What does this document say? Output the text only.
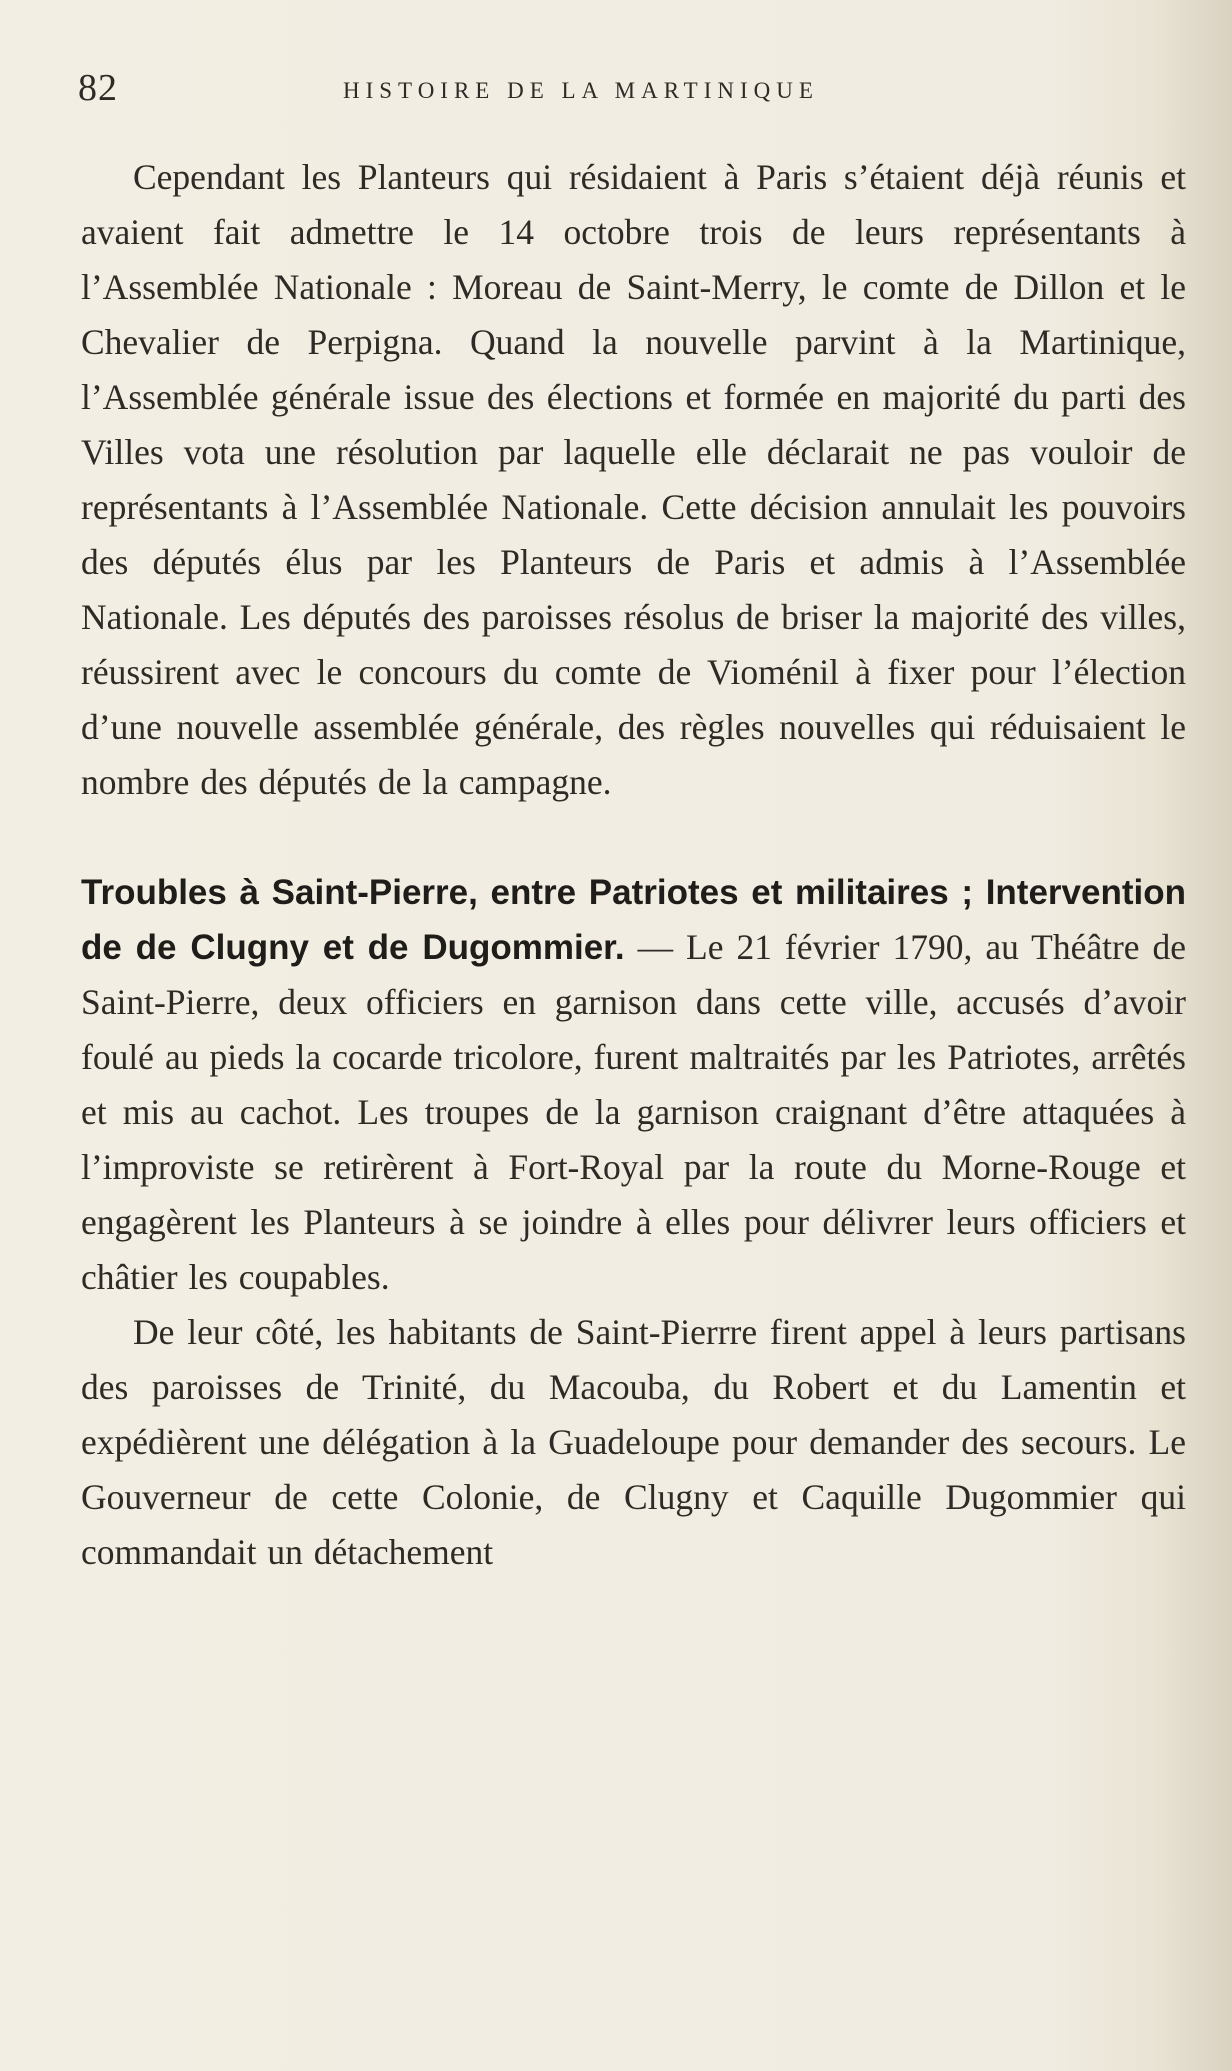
82	HISTOIRE DE LA MARTINIQUE

Cependant les Planteurs qui résidaient à Paris s’étaient déjà réunis et avaient fait admettre le 14 octobre trois de leurs représentants à l’Assemblée Nationale : Moreau de Saint-Merry, le comte de Dillon et le Chevalier de Perpigna. Quand la nouvelle parvint à la Martinique, l’Assemblée générale issue des élections et formée en majorité du parti des Villes vota une résolution par laquelle elle déclarait ne pas vouloir de représentants à l’Assemblée Nationale. Cette décision annulait les pouvoirs des députés élus par les Planteurs de Paris et admis à l’Assemblée Nationale. Les députés des paroisses résolus de briser la majorité des villes, réussirent avec le concours du comte de Vioménil à fixer pour l’élection d’une nouvelle assemblée générale, des règles nouvelles qui réduisaient le nombre des députés de la campagne.

Troubles à Saint-Pierre, entre Patriotes et militaires ; Intervention de de Clugny et de Dugommier. — Le 21 février 1790, au Théâtre de Saint-Pierre, deux officiers en garnison dans cette ville, accusés d’avoir foulé au pieds la cocarde tricolore, furent maltraités par les Patriotes, arrêtés et mis au cachot. Les troupes de la garnison craignant d’être attaquées à l’improviste se retirèrent à Fort-Royal par la route du Morne-Rouge et engagèrent les Planteurs à se joindre à elles pour délivrer leurs officiers et châtier les coupables.

De leur côté, les habitants de Saint-Pierrre firent appel à leurs partisans des paroisses de Trinité, du Macouba, du Robert et du Lamentin et expédièrent une délégation à la Guadeloupe pour demander des secours. Le Gouverneur de cette Colonie, de Clugny et Caquille Dugommier qui commandait un détachement
